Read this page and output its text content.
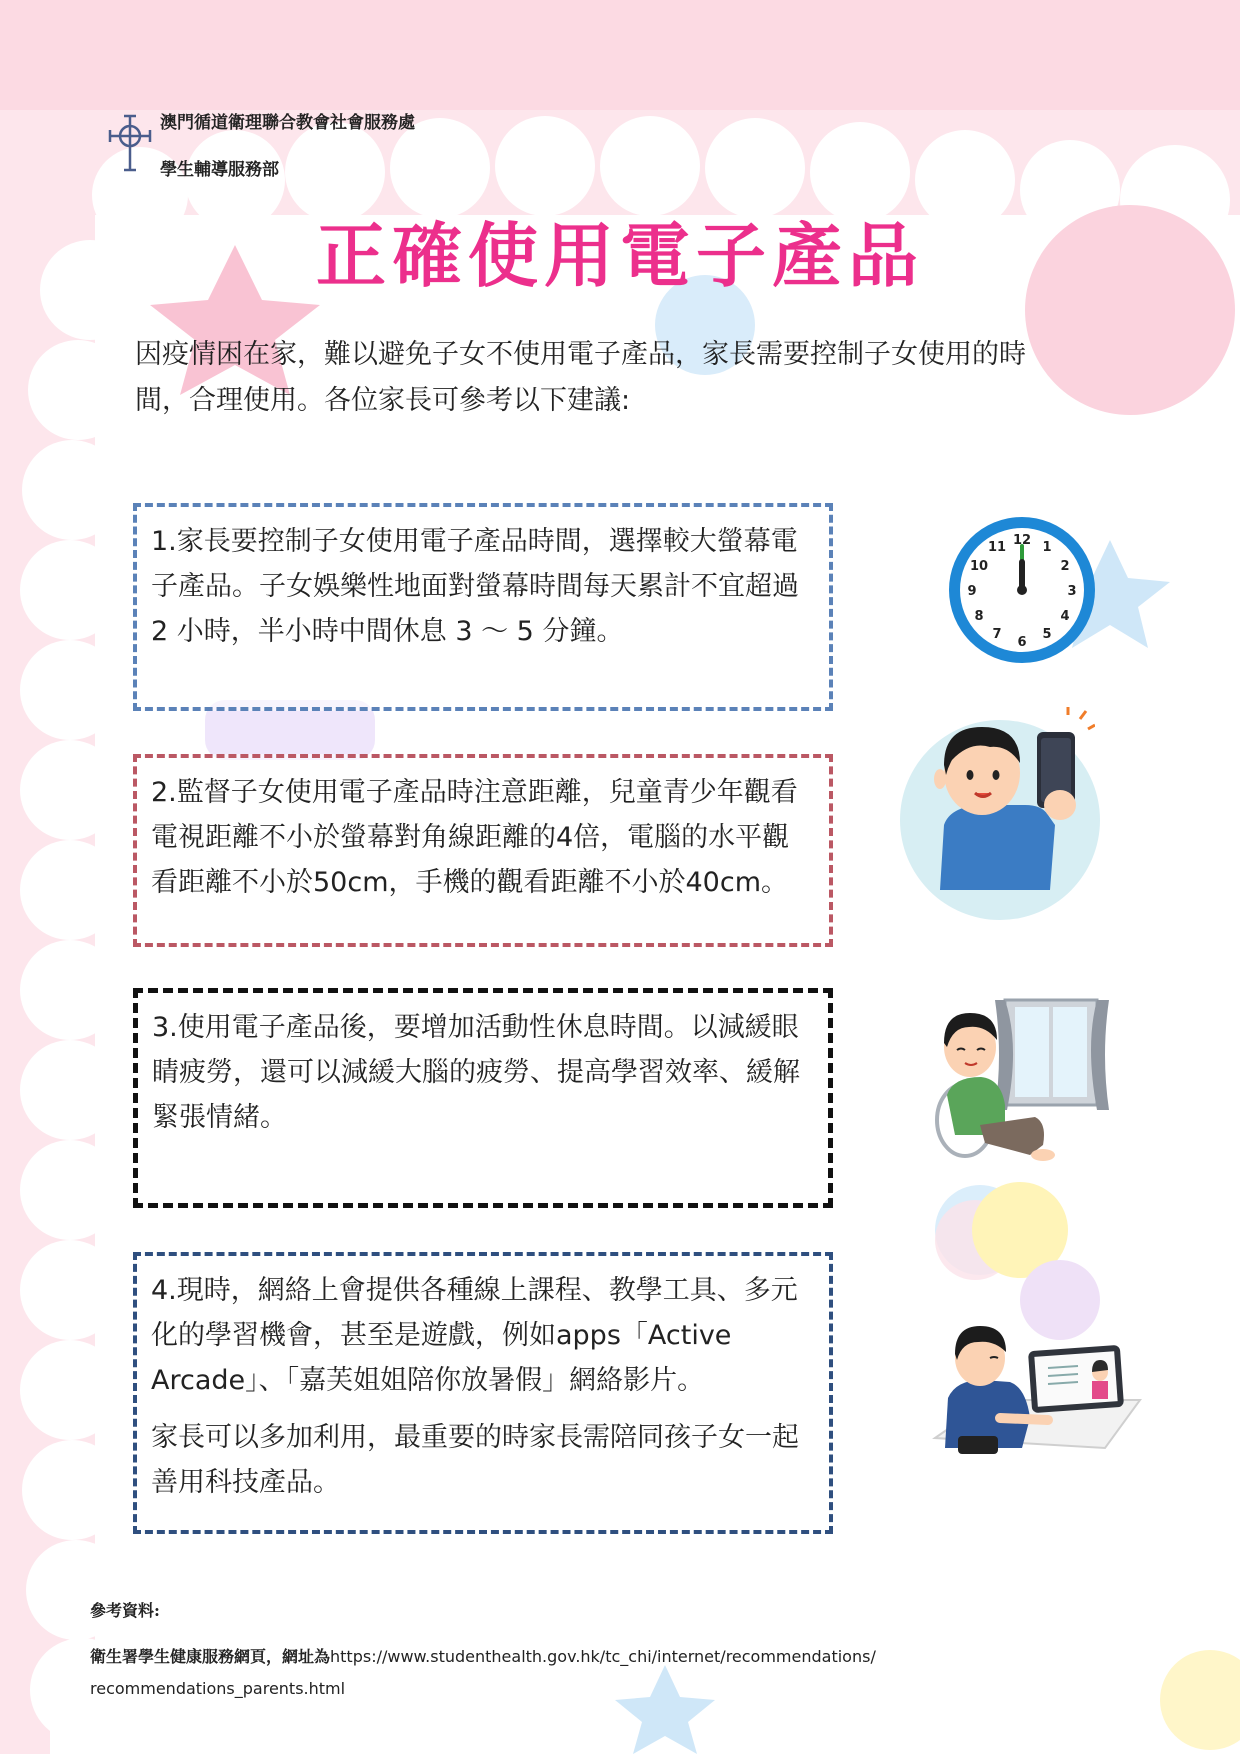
澳門循道衛理聯合教會社會服務處
學生輔導服務部
正確使用電子產品
因疫情困在家，難以避免子女不使用電子產品，家長需要控制子女使用的時間，合理使用。各位家長可參考以下建議:
1.家長要控制子女使用電子產品時間，選擇較大螢幕電子產品。子女娛樂性地面對螢幕時間每天累計不宜超過 2 小時，半小時中間休息 3 ～ 5 分鐘。
2.監督子女使用電子產品時注意距離，兒童青少年觀看電視距離不小於螢幕對角線距離的4倍，電腦的水平觀看距離不小於50cm，手機的觀看距離不小於40cm。
3.使用電子產品後，要增加活動性休息時間。以減緩眼睛疲勞，還可以減緩大腦的疲勞、提高學習效率、緩解緊張情緒。

4.現時，網絡上會提供各種線上課程、教學工具、多元化的學習機會，甚至是遊戲，例如apps「Active Arcade」、「嘉芙姐姐陪你放暑假」網絡影片。

家長可以多加利用，最重要的時家長需陪同孩子女一起善用科技產品。

12 1
2
3
4
5
6
7
8
9
10
11
參考資料:
衛生署學生健康服務網頁，網址為https://www.studenthealth.gov.hk/tc_chi/internet/recommendations/
recommendations_parents.html
